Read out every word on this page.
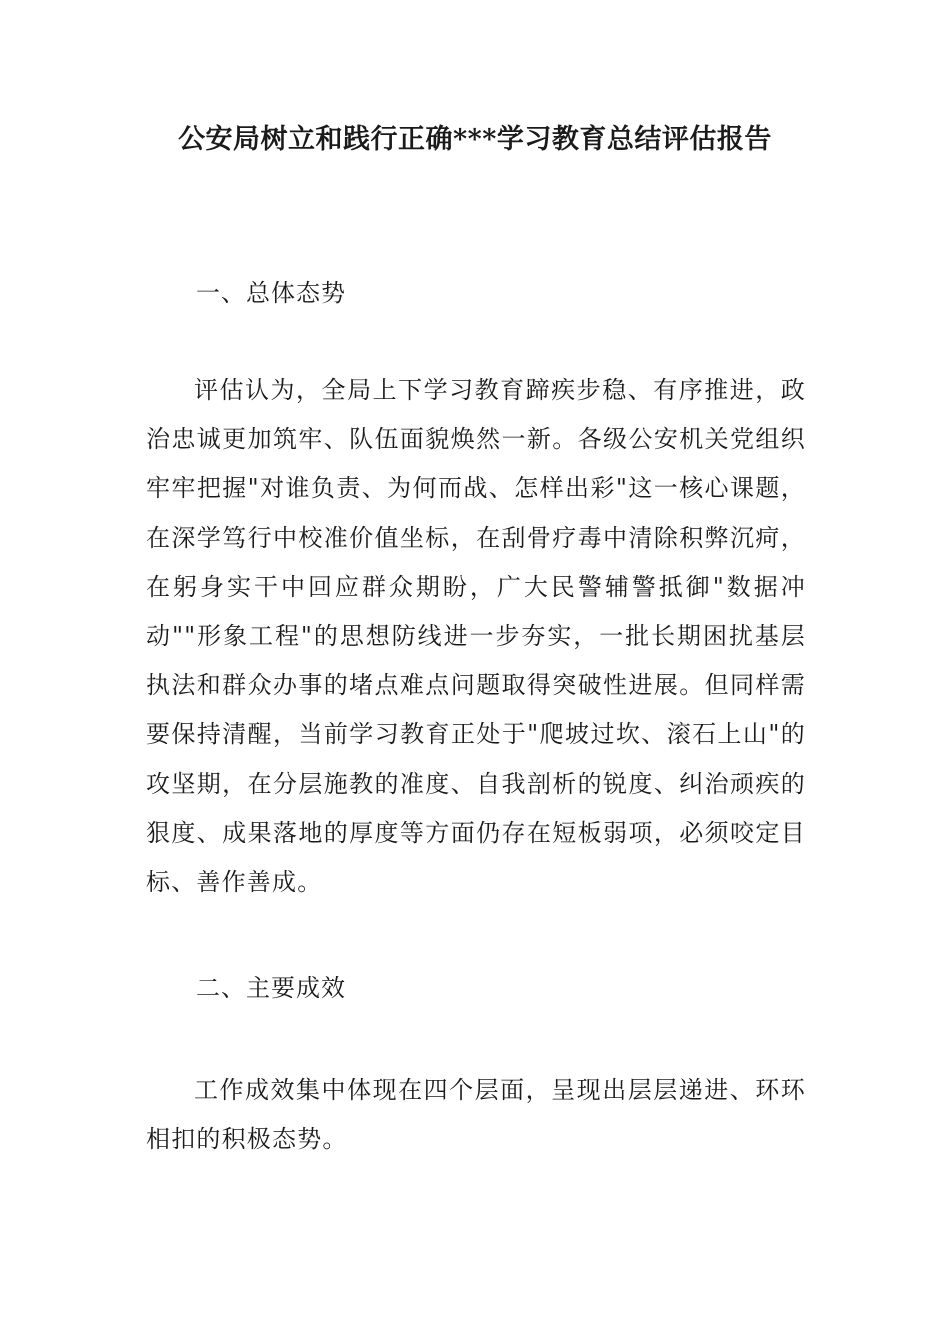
公安局树立和践行正确***学习教育总结评估报告
一、总体态势
评估认为，全局上下学习教育蹄疾步稳、有序推进，政治忠诚更加筑牢、队伍面貌焕然一新。各级公安机关党组织牢牢把握"对谁负责、为何而战、怎样出彩"这一核心课题，在深学笃行中校准价值坐标，在刮骨疗毒中清除积弊沉疴，在躬身实干中回应群众期盼，广大民警辅警抵御"数据冲动""形象工程"的思想防线进一步夯实，一批长期困扰基层执法和群众办事的堵点难点问题取得突破性进展。但同样需要保持清醒，当前学习教育正处于"爬坡过坎、滚石上山"的攻坚期，在分层施教的准度、自我剖析的锐度、纠治顽疾的狠度、成果落地的厚度等方面仍存在短板弱项，必须咬定目标、善作善成。
二、主要成效
工作成效集中体现在四个层面，呈现出层层递进、环环相扣的积极态势。
